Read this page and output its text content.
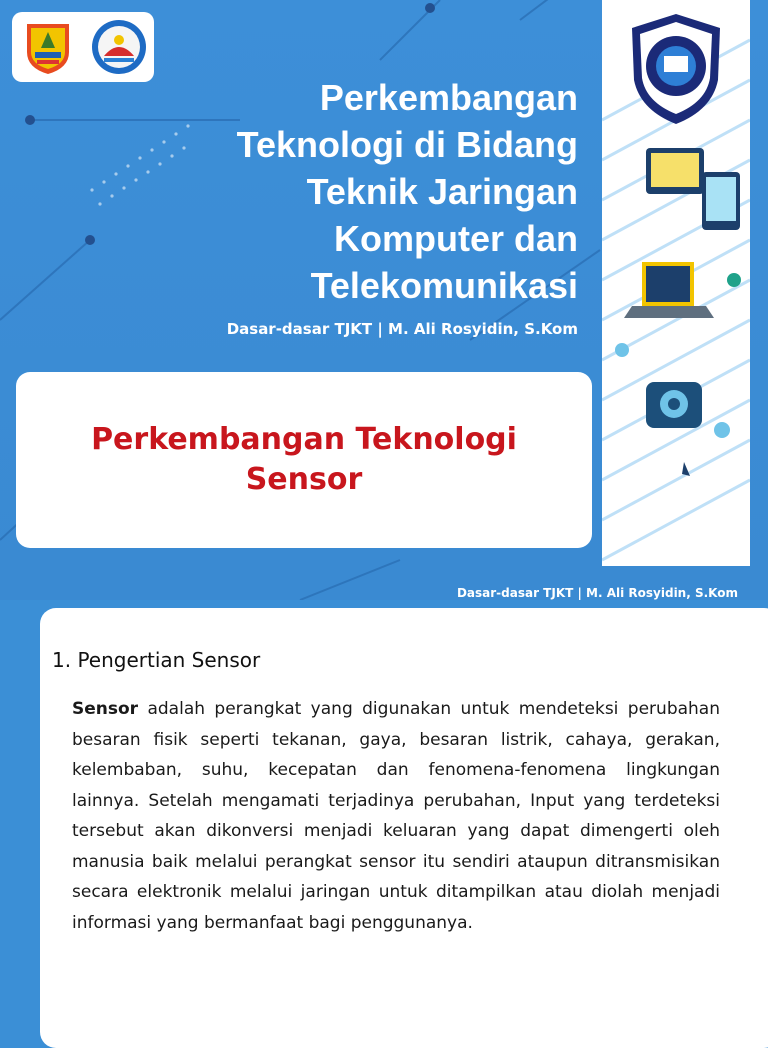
Perkembangan
Teknologi di Bidang
Teknik Jaringan
Komputer dan
Telekomunikasi
Dasar-dasar TJKT | M. Ali Rosyidin, S.Kom
Perkembangan Teknologi
Sensor
Dasar-dasar TJKT | M. Ali Rosyidin, S.Kom
1. Pengertian Sensor

Sensor adalah perangkat yang digunakan untuk mendeteksi perubahan besaran fisik seperti tekanan, gaya, besaran listrik, cahaya, gerakan, kelembaban, suhu, kecepatan dan fenomena-fenomena lingkungan lainnya. Setelah mengamati terjadinya perubahan, Input yang terdeteksi tersebut akan dikonversi menjadi keluaran yang dapat dimengerti oleh manusia baik melalui perangkat sensor itu sendiri ataupun ditransmisikan secara elektronik melalui jaringan untuk ditampilkan atau diolah menjadi informasi yang bermanfaat bagi penggunanya.
